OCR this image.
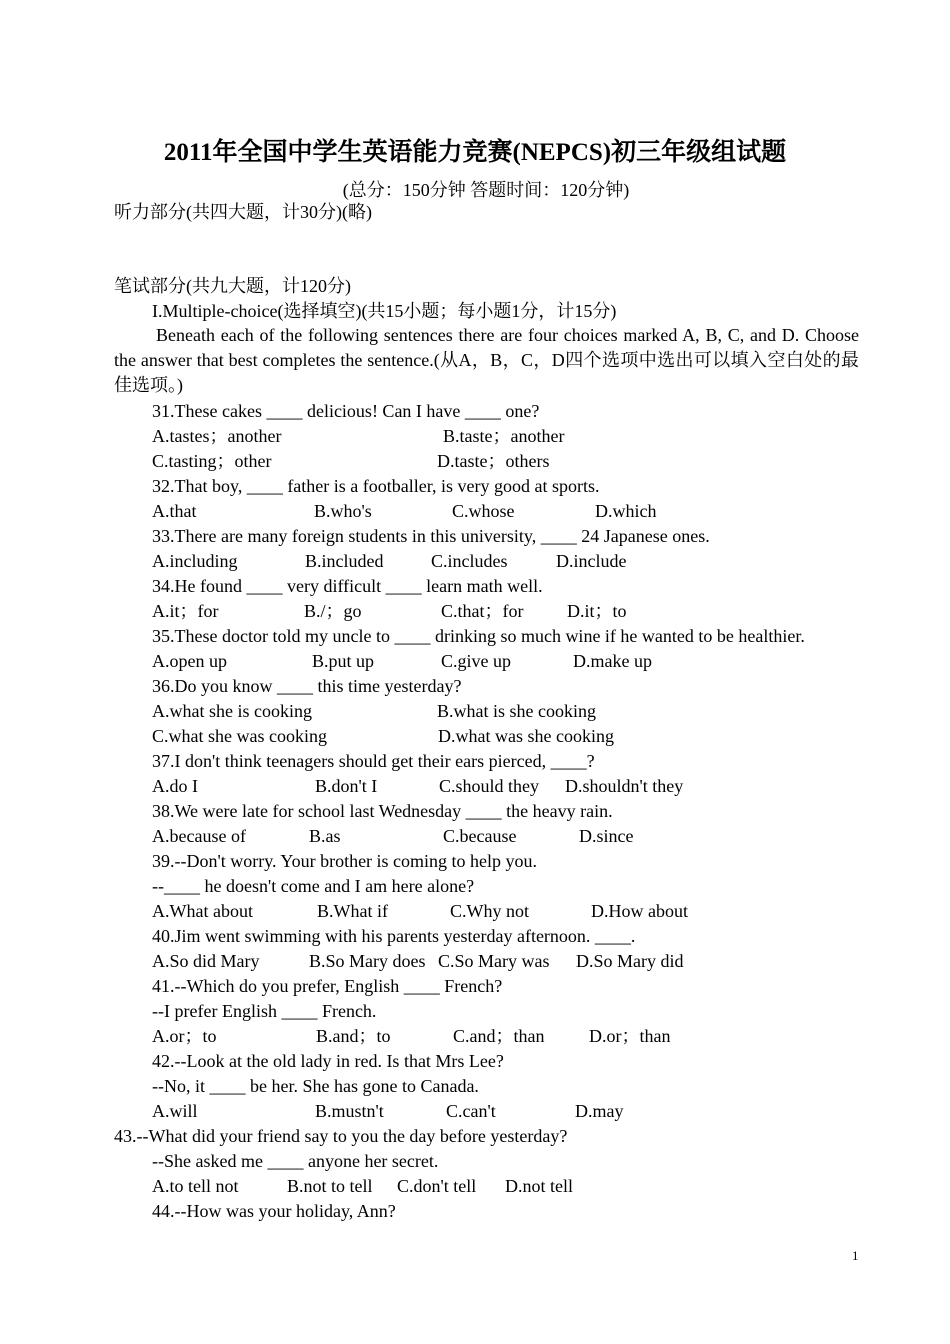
2011年全国中学生英语能力竞赛(NEPCS)初三年级组试题
(总分：150分钟 答题时间：120分钟)
听力部分(共四大题，计30分)(略)
笔试部分(共九大题，计120分)
I.Multiple-choice(选择填空)(共15小题；每小题1分，计15分)
Beneath each of the following sentences there are four choices marked A, B, C, and D. Choose the answer that best completes the sentence.(从A，B，C，D四个选项中选出可以填入空白处的最佳选项。)
31.These cakes ____ delicious! Can I have ____ one?
A.tastes；another	B.taste；another
C.tasting；other	D.taste；others
32.That boy, ____ father is a footballer, is very good at sports.
A.that	B.who's	C.whose	D.which
33.There are many foreign students in this university, ____ 24 Japanese ones.
A.including	B.included	C.includes	D.include
34.He found ____ very difficult ____ learn math well.
A.it；for	B./；go	C.that；for D.it；to
35.These doctor told my uncle to ____ drinking so much wine if he wanted to be healthier.
A.open up	B.put up	C.give up	D.make up
36.Do you know ____ this time yesterday?
A.what she is cooking	B.what is she cooking
C.what she was cooking	D.what was she cooking
37.I don't think teenagers should get their ears pierced, ____?
A.do I	B.don't I	C.should they D.shouldn't they
38.We were late for school last Wednesday ____ the heavy rain.
A.because of	B.as	C.because	D.since
39.--Don't worry. Your brother is coming to help you.
--____ he doesn't come and I am here alone?
A.What about	B.What if	C.Why not	D.How about
40.Jim went swimming with his parents yesterday afternoon. ____.
A.So did Mary	B.So Mary does C.So Mary was D.So Mary did
41.--Which do you prefer, English ____ French?
--I prefer English ____ French.
A.or；to	B.and；to	C.and；than D.or；than
42.--Look at the old lady in red. Is that Mrs Lee?
--No, it ____ be her. She has gone to Canada.
A.will	B.mustn't	C.can't	D.may
43.--What did your friend say to you the day before yesterday?
--She asked me ____ anyone her secret.
A.to tell not	B.not to tell C.don't tell D.not tell
44.--How was your holiday, Ann?
1
